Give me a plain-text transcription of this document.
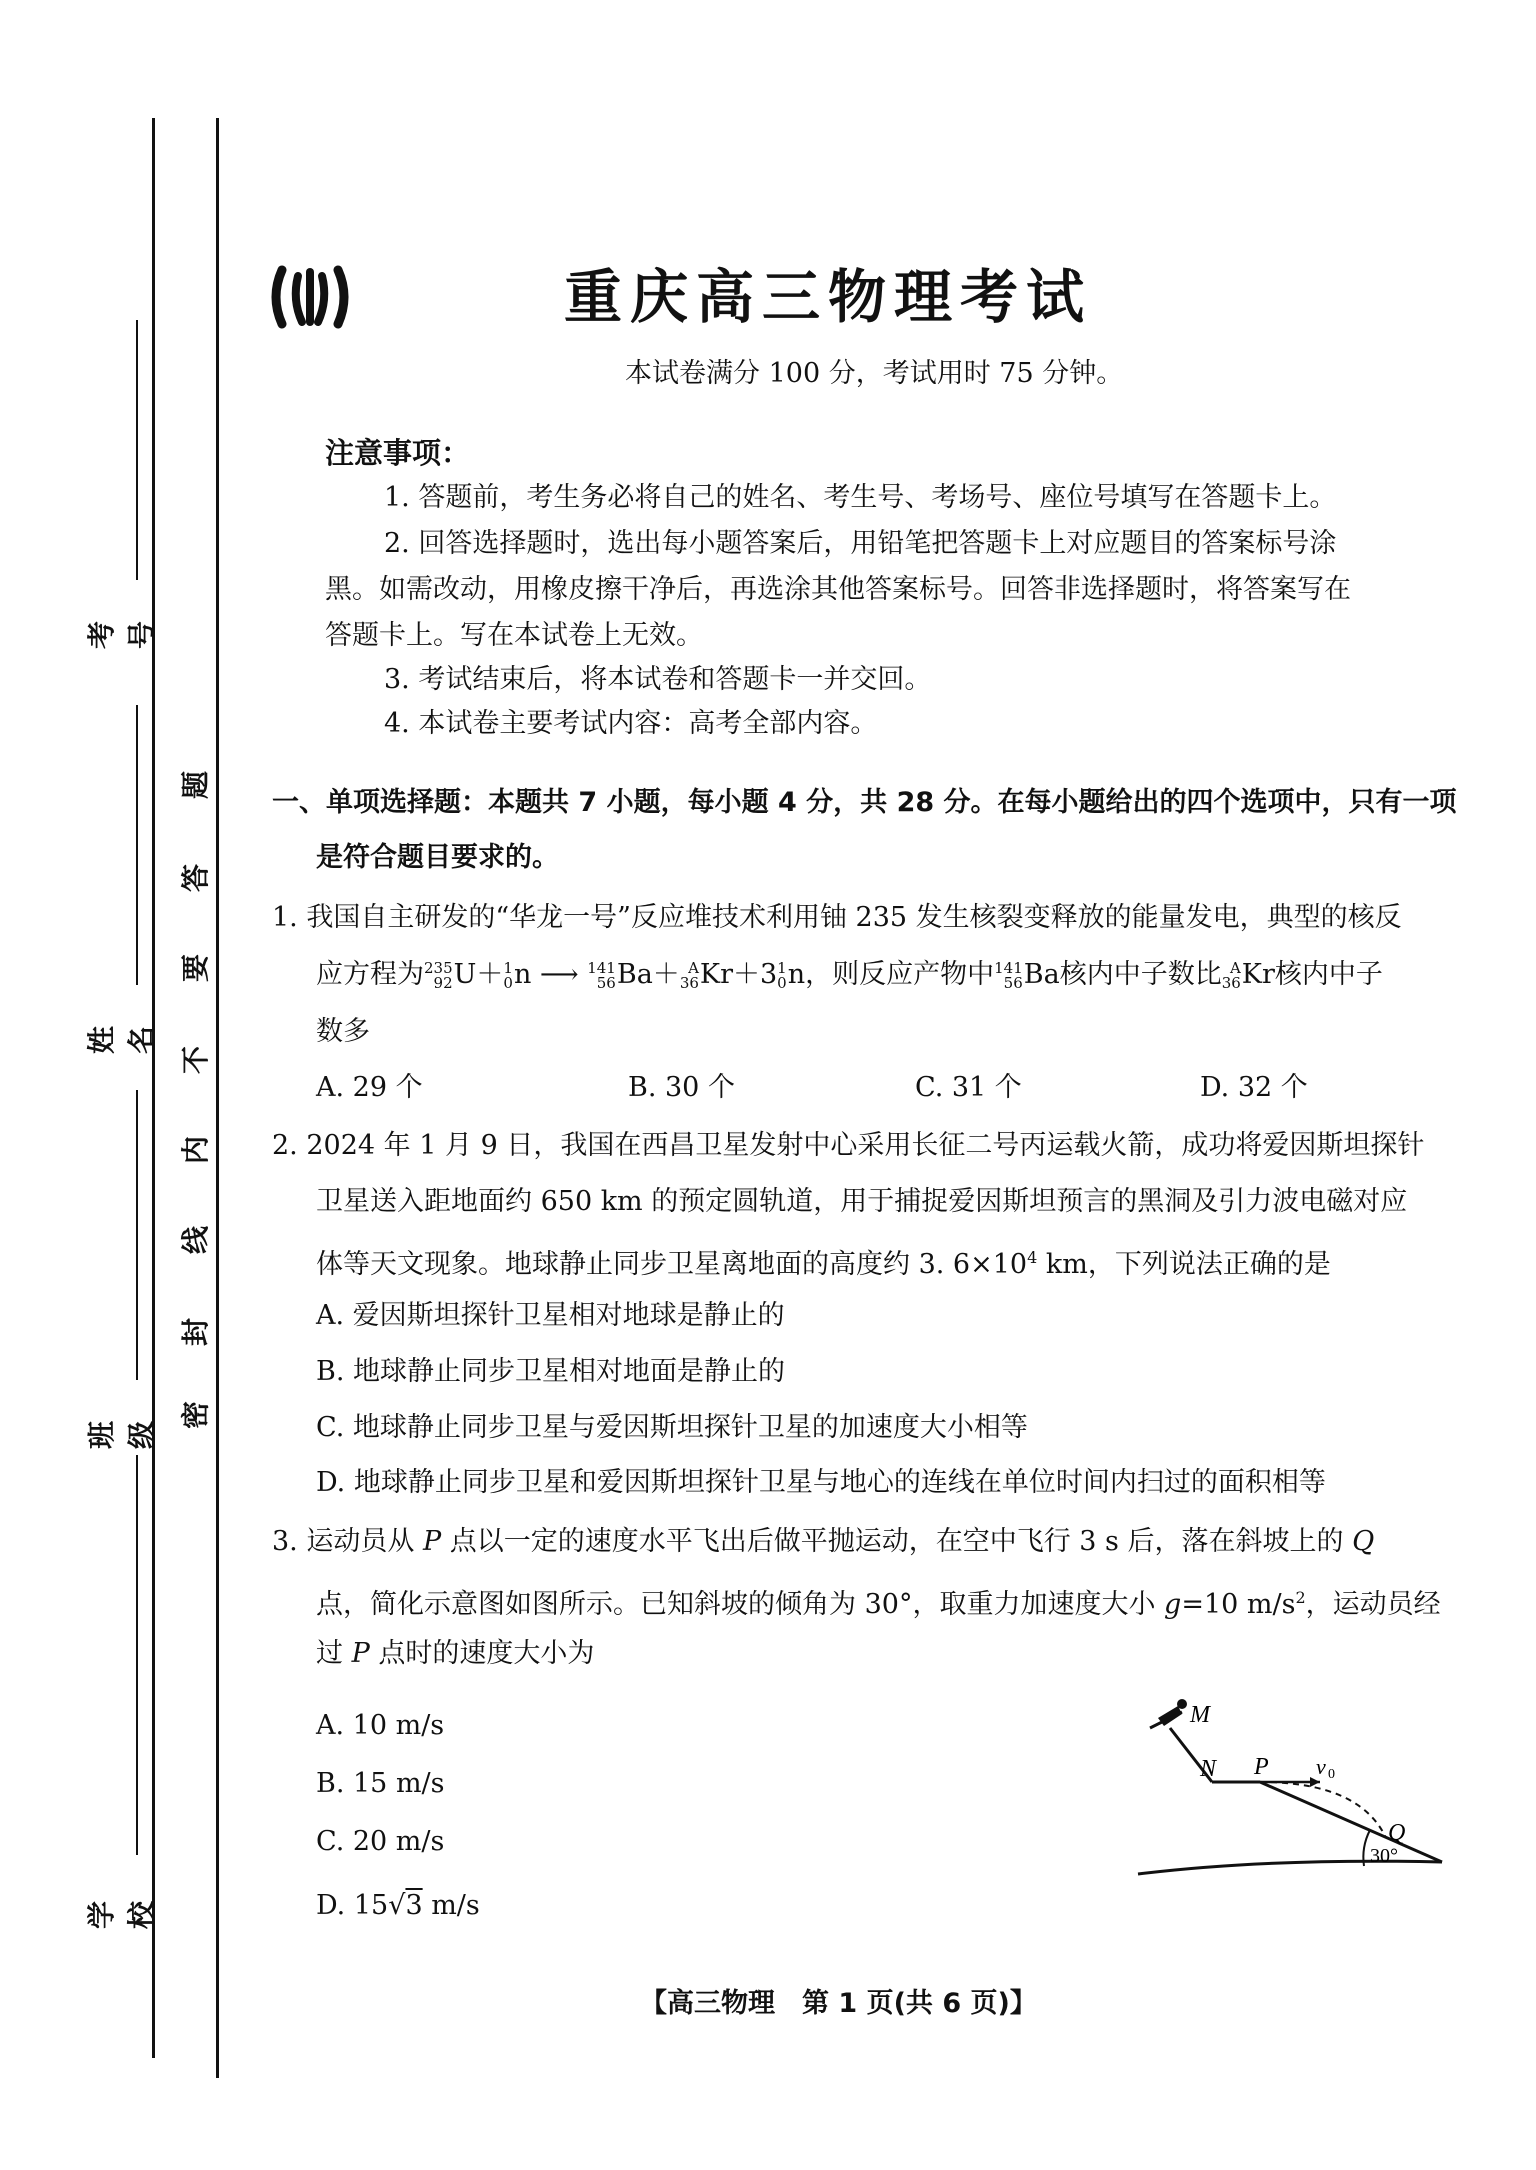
考号
姓名
班级
学校
密
封
线
内
不
要
答
题
重庆高三物理考试
本试卷满分 100 分，考试用时 75 分钟。
注意事项：
1. 答题前，考生务必将自己的姓名、考生号、考场号、座位号填写在答题卡上。
2. 回答选择题时，选出每小题答案后，用铅笔把答题卡上对应题目的答案标号涂
黑。如需改动，用橡皮擦干净后，再选涂其他答案标号。回答非选择题时，将答案写在
答题卡上。写在本试卷上无效。
3. 考试结束后，将本试卷和答题卡一并交回。
4. 本试卷主要考试内容：高考全部内容。
一、单项选择题：本题共 7 小题，每小题 4 分，共 28 分。在每小题给出的四个选项中，只有一项
是符合题目要求的。
1. 我国自主研发的“华龙一号”反应堆技术利用铀 235 发生核裂变释放的能量发电，典型的核反
应方程为 235
92 U＋ 1
0 n ⟶ 141
56 Ba＋ A
36 Kr＋3 1
0 n，则反应产物中 141
56 Ba核内中子数比 A
36 Kr核内中子
数多
A. 29 个	B. 30 个	C. 31 个	D. 32 个
2. 2024 年 1 月 9 日，我国在西昌卫星发射中心采用长征二号丙运载火箭，成功将爱因斯坦探针
卫星送入距地面约 650 km 的预定圆轨道，用于捕捉爱因斯坦预言的黑洞及引力波电磁对应
体等天文现象。地球静止同步卫星离地面的高度约 3. $6\times 10^4$ km，下列说法正确的是
A. 爱因斯坦探针卫星相对地球是静止的
B. 地球静止同步卫星相对地面是静止的
C. 地球静止同步卫星与爱因斯坦探针卫星的加速度大小相等
D. 地球静止同步卫星和爱因斯坦探针卫星与地心的连线在单位时间内扫过的面积相等
3. 运动员从 P 点以一定的速度水平飞出后做平抛运动，在空中飞行 3 s 后，落在斜坡上的 Q
点，简化示意图如图所示。已知斜坡的倾角为 30°，取重力加速度大小 g=10 $m/s^2$，运动员经
过 P 点时的速度大小为
A. 10 m/s
B. 15 m/s
C. 20 m/s
D. 15√3 m/s
M
N P v 0
Q
30°
【高三物理　第 1 页(共 6 页)】
